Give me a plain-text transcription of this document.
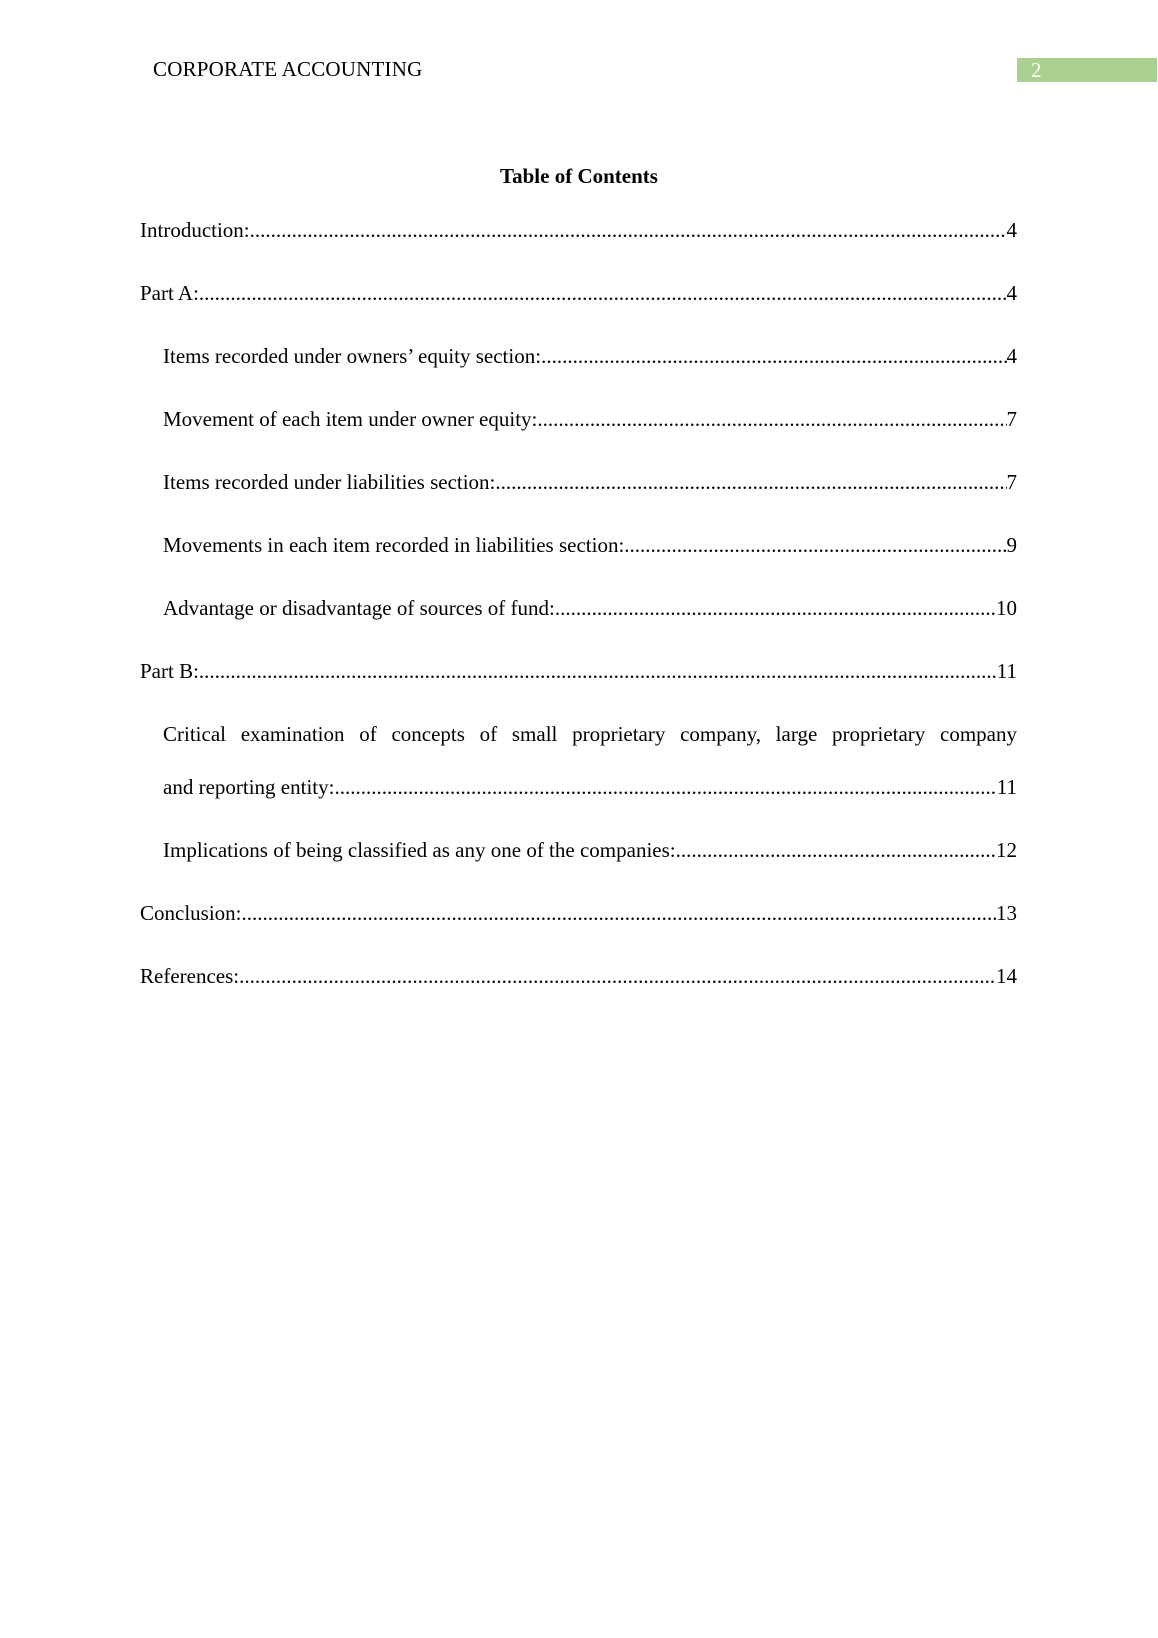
CORPORATE ACCOUNTING	2
Table of Contents
Introduction: .....	4
Part A: .....	4
Items recorded under owners’ equity section: .....	4
Movement of each item under owner equity: .....	7
Items recorded under liabilities section: .....	7
Movements in each item recorded in liabilities section: .....	9
Advantage or disadvantage of sources of fund: .....	10
Part B: .....	11
Critical examination of concepts of small proprietary company, large proprietary company
and reporting entity: .....	11
Implications of being classified as any one of the companies: .....	12
Conclusion: .....	13
References: .....	14
